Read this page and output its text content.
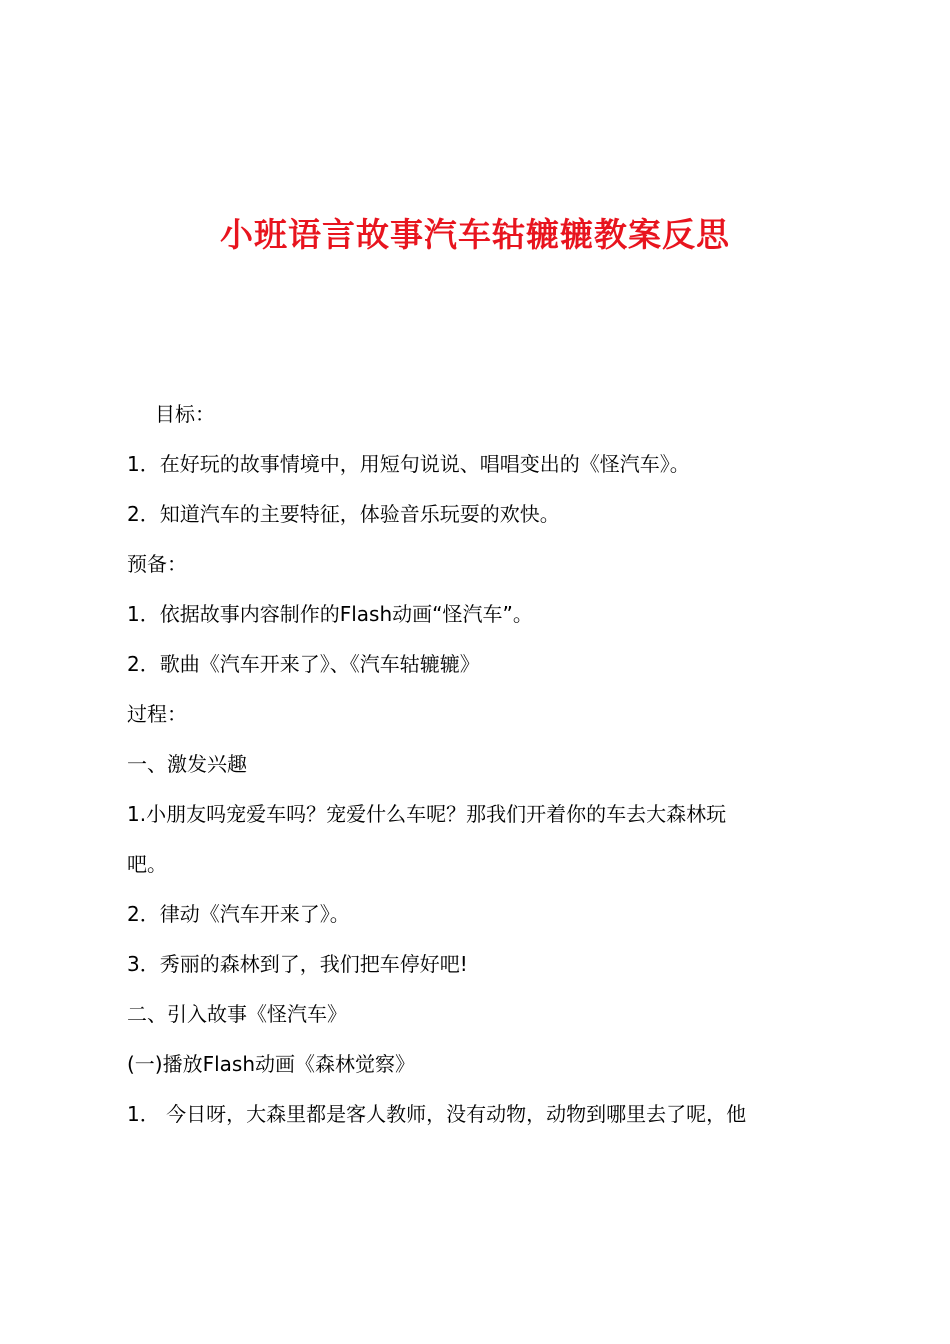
小班语言故事汽车轱辘辘教案反思
目标：
1．在好玩的故事情境中，用短句说说、唱唱变出的《怪汽车》。
2．知道汽车的主要特征，体验音乐玩耍的欢快。
预备：
1．依据故事内容制作的Flash动画“怪汽车”。
2．歌曲《汽车开来了》、《汽车轱辘辘》
过程：
一、激发兴趣
1.小朋友吗宠爱车吗？宠爱什么车呢？那我们开着你的车去大森林玩
吧。
2．律动《汽车开来了》。
3．秀丽的森林到了，我们把车停好吧!
二、引入故事《怪汽车》
(一)播放Flash动画《森林觉察》
1． 今日呀，大森里都是客人教师，没有动物，动物到哪里去了呢，他
